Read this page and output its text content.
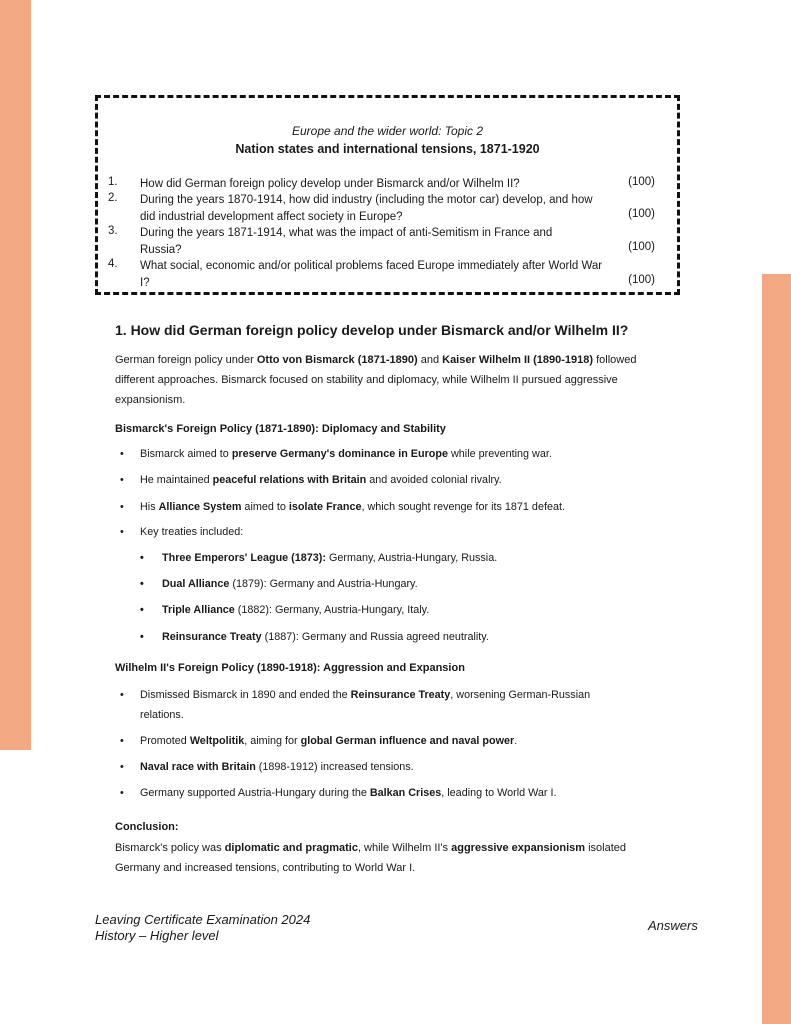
Europe and the wider world: Topic 2
Nation states and international tensions, 1871-1920
1. How did German foreign policy develop under Bismarck and/or Wilhelm II?	(100)
2. During the years 1870-1914, how did industry (including the motor car) develop, and how did industrial development affect society in Europe?	(100)
3. During the years 1871-1914, what was the impact of anti-Semitism in France and Russia?	(100)
4. What social, economic and/or political problems faced Europe immediately after World War I?	(100)
1. How did German foreign policy develop under Bismarck and/or Wilhelm II?
German foreign policy under Otto von Bismarck (1871-1890) and Kaiser Wilhelm II (1890-1918) followed different approaches. Bismarck focused on stability and diplomacy, while Wilhelm II pursued aggressive expansionism.
Bismarck's Foreign Policy (1871-1890): Diplomacy and Stability
• Bismarck aimed to preserve Germany's dominance in Europe while preventing war.
• He maintained peaceful relations with Britain and avoided colonial rivalry.
• His Alliance System aimed to isolate France, which sought revenge for its 1871 defeat.
• Key treaties included:
• Three Emperors' League (1873): Germany, Austria-Hungary, Russia.
• Dual Alliance (1879): Germany and Austria-Hungary.
• Triple Alliance (1882): Germany, Austria-Hungary, Italy.
• Reinsurance Treaty (1887): Germany and Russia agreed neutrality.
Wilhelm II's Foreign Policy (1890-1918): Aggression and Expansion
• Dismissed Bismarck in 1890 and ended the Reinsurance Treaty, worsening German-Russian relations.
• Promoted Weltpolitik, aiming for global German influence and naval power.
• Naval race with Britain (1898-1912) increased tensions.
• Germany supported Austria-Hungary during the Balkan Crises, leading to World War I.
Conclusion:
Bismarck's policy was diplomatic and pragmatic, while Wilhelm II's aggressive expansionism isolated Germany and increased tensions, contributing to World War I.
Leaving Certificate Examination 2024
History – Higher level
Answers
